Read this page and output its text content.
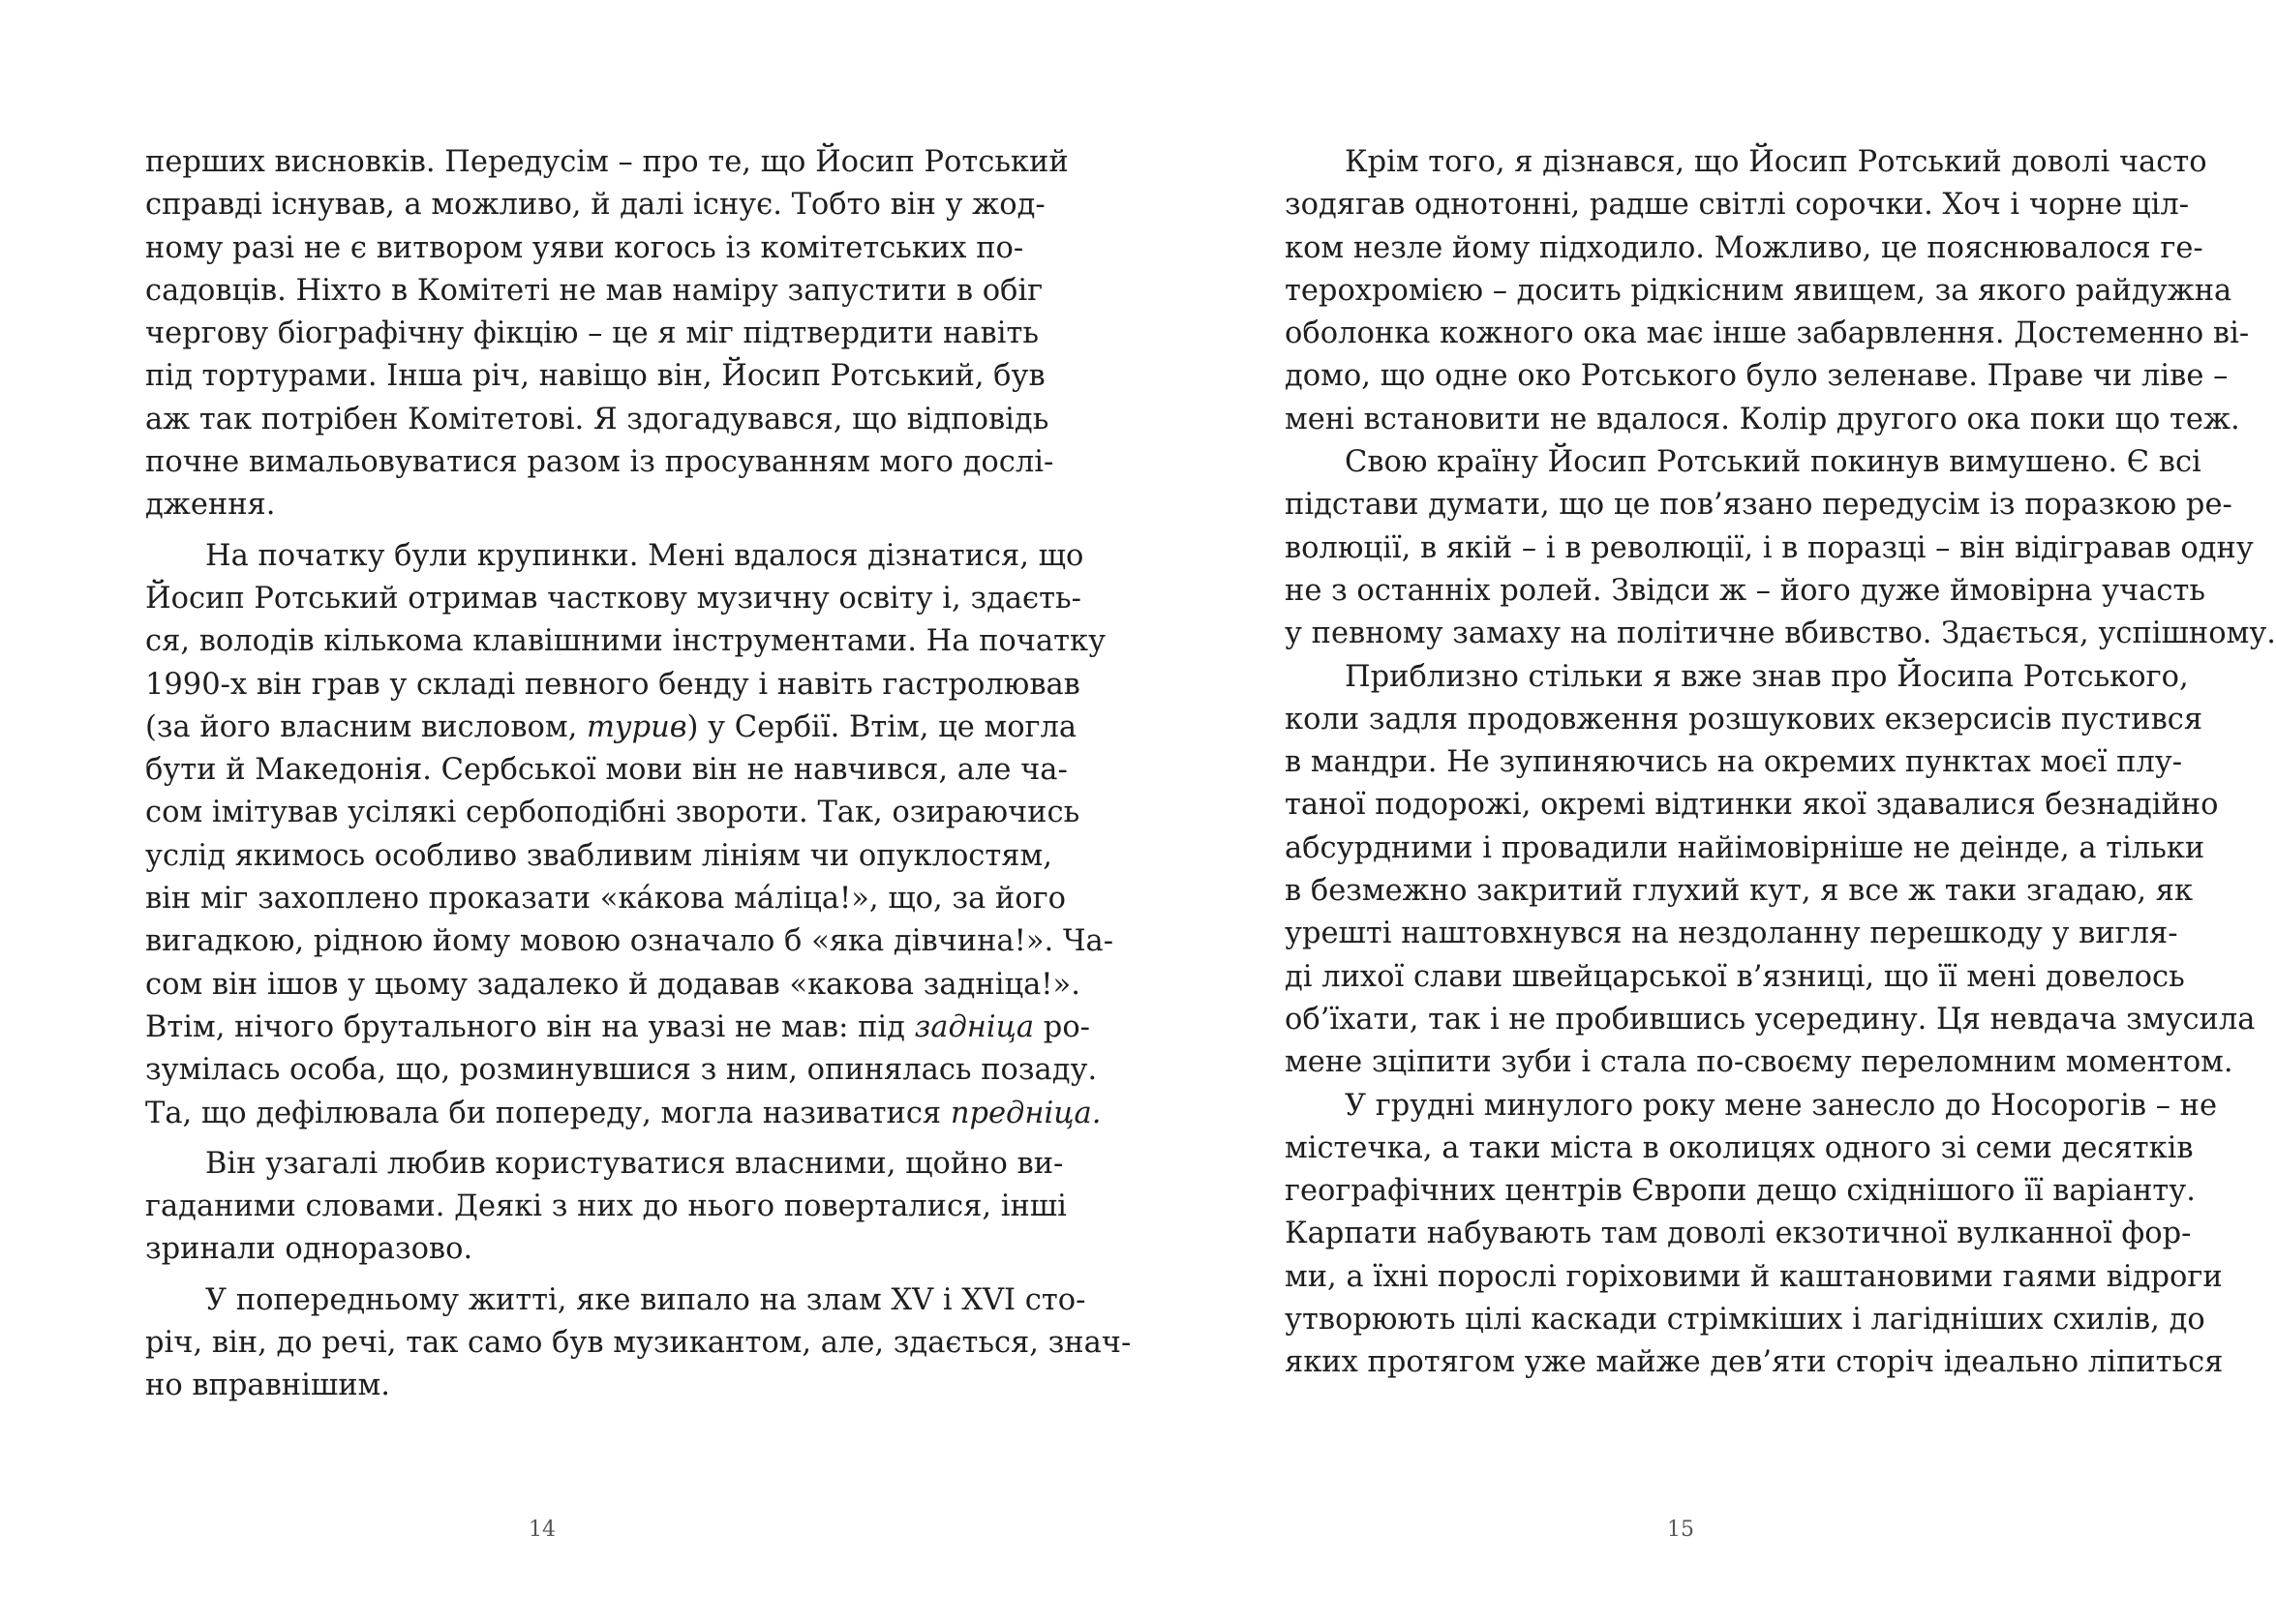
перших висновків. Передусім – про те, що Йосип Ротський
справді існував, а можливо, й далі існує. Тобто він у жод-
ному разі не є витвором уяви когось із комітетських по-
садовців. Ніхто в Комітеті не мав наміру запустити в обіг
чергову біографічну фікцію – це я міг підтвердити навіть
під тортурами. Інша річ, навіщо він, Йосип Ротський, був
аж так потрібен Комітетові. Я здогадувався, що відповідь
почне вимальовуватися разом із просуванням мого дослі-
дження.
На початку були крупинки. Мені вдалося дізнатися, що
Йосип Ротський отримав часткову музичну освіту і, здаєть-
ся, володів кількома клавішними інструментами. На початку
1990-х він грав у складі певного бенду і навіть гастролював
(за його власним висловом, турив) у Сербії. Втім, це могла
бути й Македонія. Сербської мови він не навчився, але ча-
сом імітував усілякі сербоподібні звороти. Так, озираючись
услід якимось особливо звабливим лініям чи опуклостям,
він міг захоплено проказати «ка́кова ма́ліца!», що, за його
вигадкою, рідною йому мовою означало б «яка дівчина!». Ча-
сом він ішов у цьому задалеко й додавав «какова задніца!».
Втім, нічого брутального він на увазі не мав: під задніца ро-
зумілась особа, що, розминувшися з ним, опинялась позаду.
Та, що дефілювала би попереду, могла називатися предніца.
Він узагалі любив користуватися власними, щойно ви-
гаданими словами. Деякі з них до нього поверталися, інші
зринали одноразово.
У попередньому житті, яке випало на злам XV і XVI сто-
річ, він, до речі, так само був музикантом, але, здається, знач-
но вправнішим.
Крім того, я дізнався, що Йосип Ротський доволі часто
зодягав однотонні, радше світлі сорочки. Хоч і чорне ціл-
ком незле йому підходило. Можливо, це пояснювалося ге-
терохромією – досить рідкісним явищем, за якого райдужна
оболонка кожного ока має інше забарвлення. Достеменно ві-
домо, що одне око Ротського було зеленаве. Праве чи ліве –
мені встановити не вдалося. Колір другого ока поки що теж.
Свою країну Йосип Ротський покинув вимушено. Є всі
підстави думати, що це пов’язано передусім із поразкою ре-
волюції, в якій – і в революції, і в поразці – він відігравав одну
не з останніх ролей. Звідси ж – його дуже ймовірна участь
у певному замаху на політичне вбивство. Здається, успішному.
Приблизно стільки я вже знав про Йосипа Ротського,
коли задля продовження розшукових екзерсисів пустився
в мандри. Не зупиняючись на окремих пунктах моєї плу-
таної подорожі, окремі відтинки якої здавалися безнадійно
абсурдними і провадили найімовірніше не деінде, а тільки
в безмежно закритий глухий кут, я все ж таки згадаю, як
урешті наштовхнувся на нездоланну перешкоду у вигля-
ді лихої слави швейцарської в’язниці, що її мені довелось
об’їхати, так і не пробившись усередину. Ця невдача змусила
мене зціпити зуби і стала по-своєму переломним моментом.
У грудні минулого року мене занесло до Носорогів – не
містечка, а таки міста в околицях одного зі семи десятків
географічних центрів Європи дещо східнішого її варіанту.
Карпати набувають там доволі екзотичної вулканної фор-
ми, а їхні порослі горіховими й каштановими гаями відроги
утворюють цілі каскади стрімкіших і лагідніших схилів, до
яких протягом уже майже дев’яти сторіч ідеально ліпиться
14	15
